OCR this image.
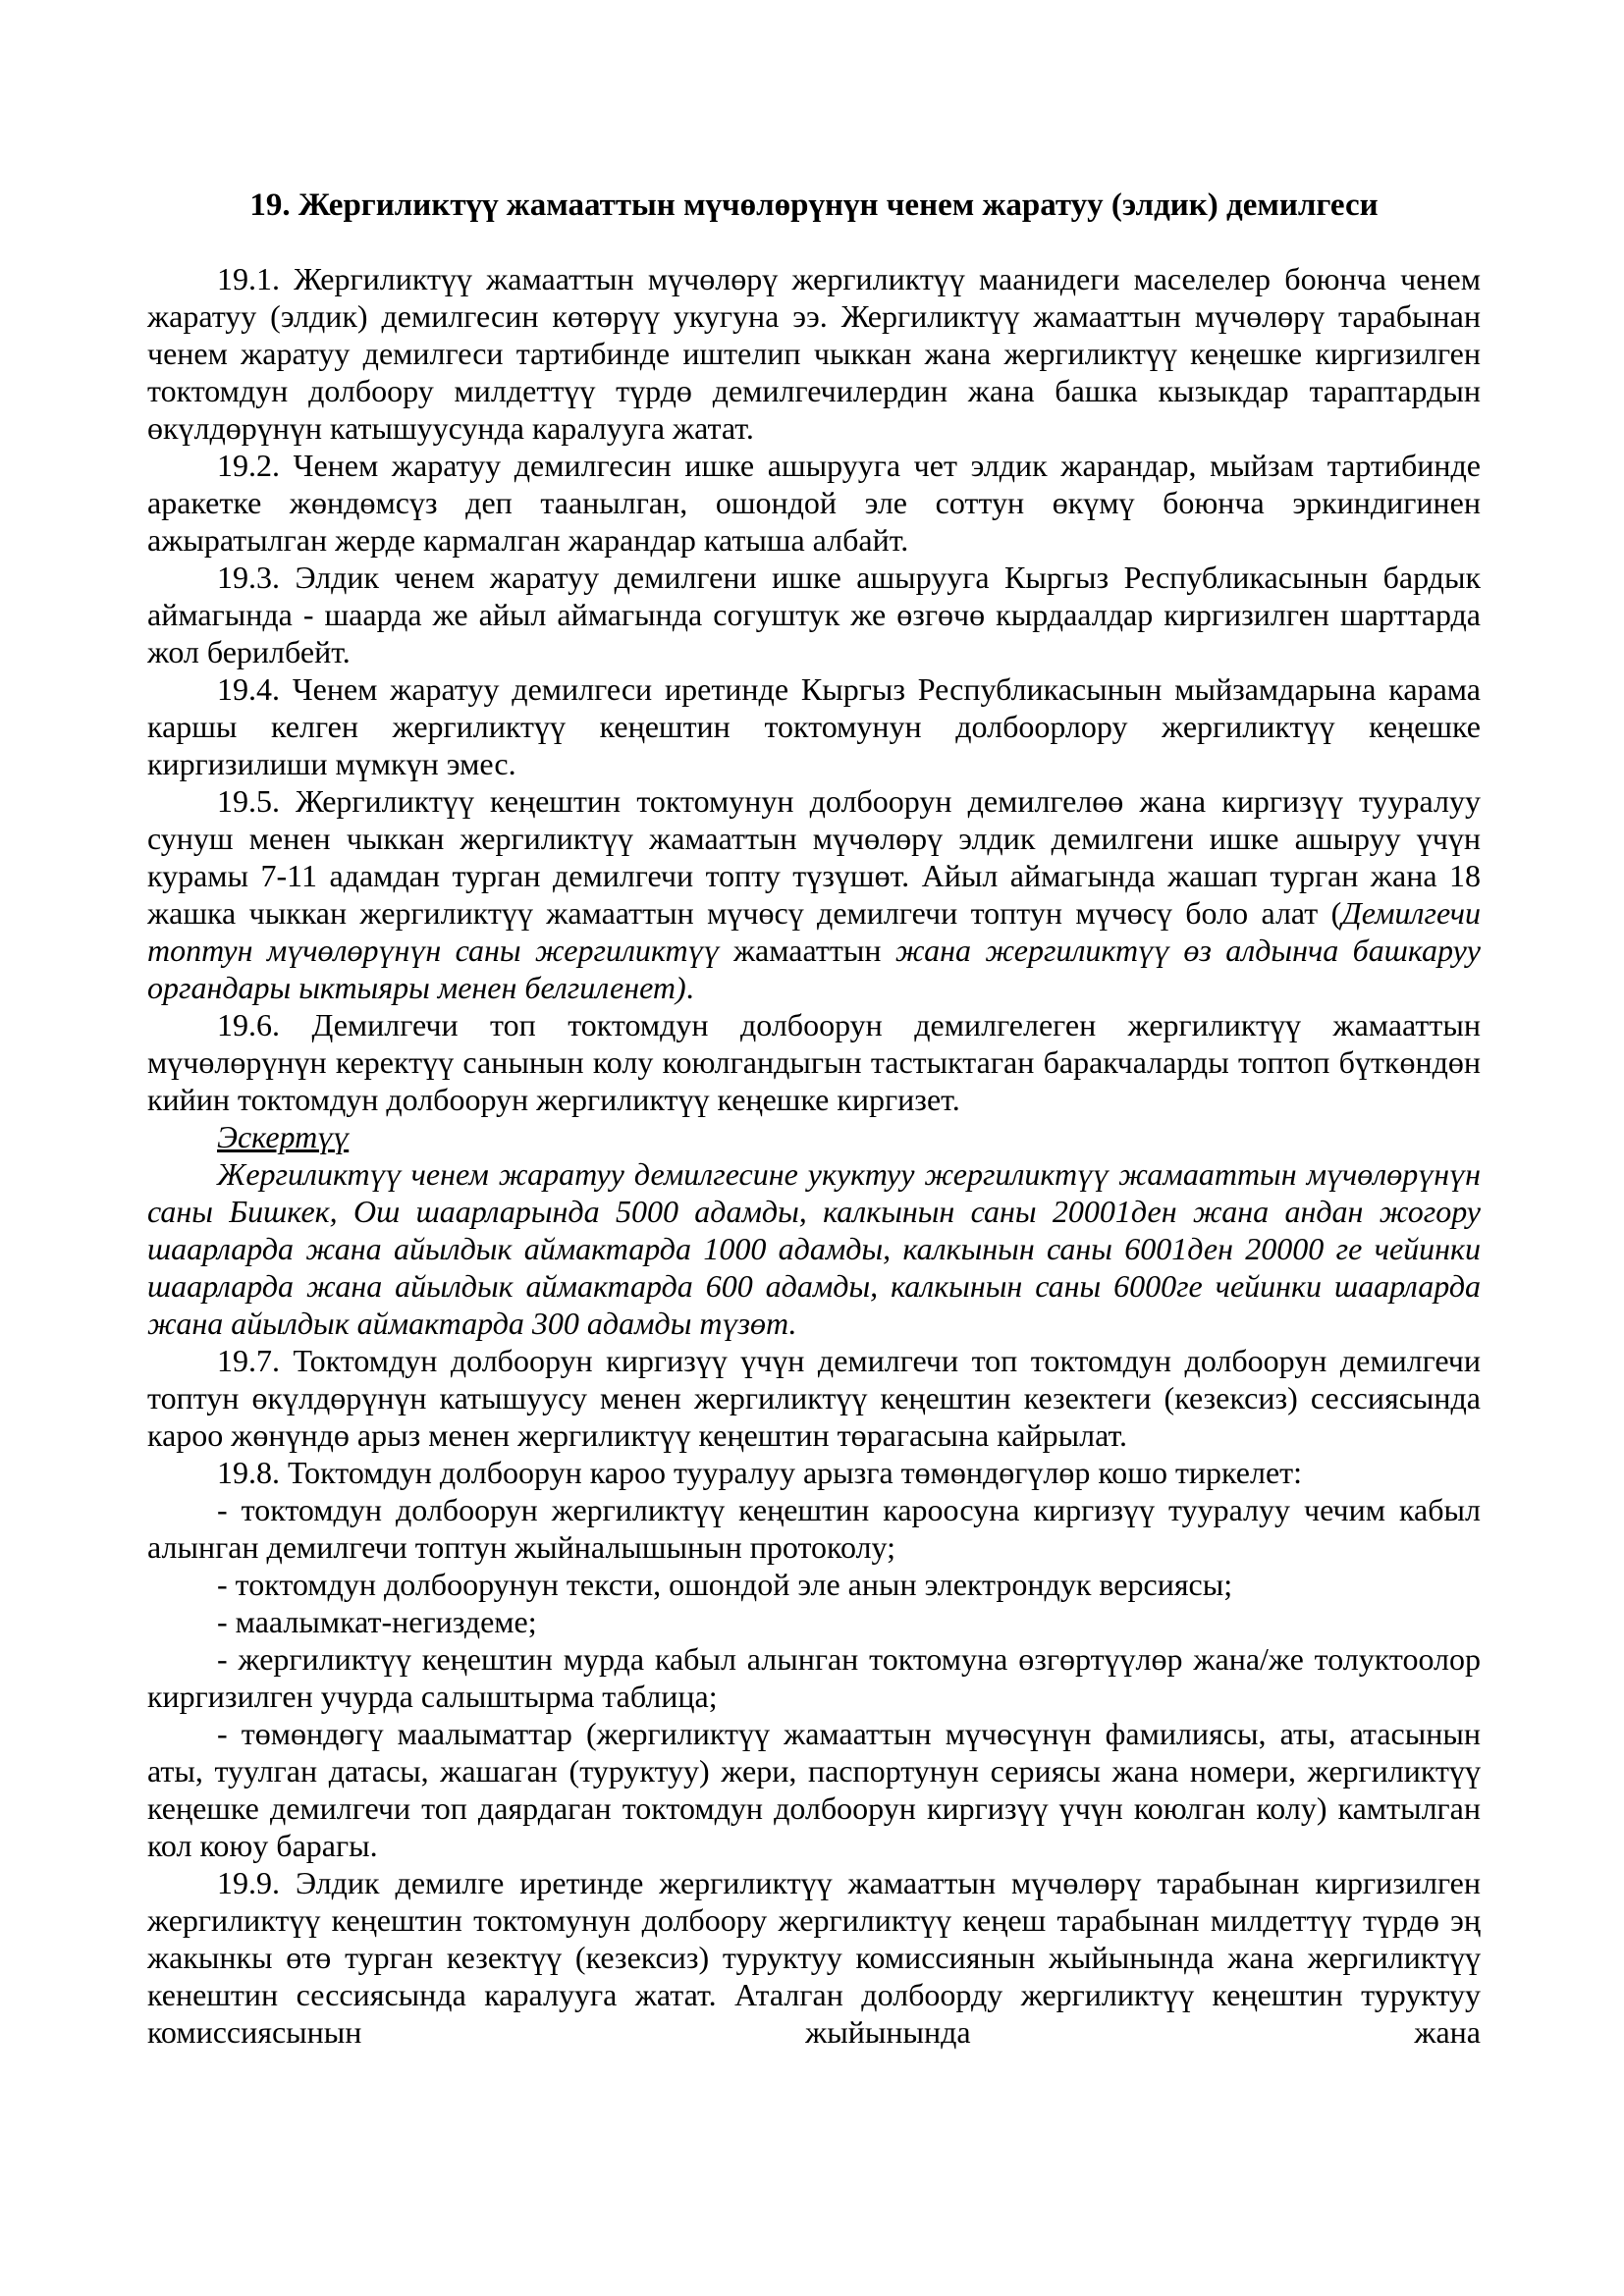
19. Жергиликтүү жамааттын мүчөлөрүнүн ченем жаратуу (элдик) демилгеси

19.1. Жергиликтүү жамааттын мүчөлөрү жергиликтүү маанидеги маселелер боюнча ченем жаратуу (элдик) демилгесин көтөрүү укугуна ээ. Жергиликтүү жамааттын мүчөлөрү тарабынан ченем жаратуу демилгеси тартибинде иштелип чыккан жана жергиликтүү кеңешке киргизилген токтомдун долбоору милдеттүү түрдө демилгечилердин жана башка кызыкдар тараптардын өкүлдөрүнүн катышуусунда каралууга жатат.

19.2. Ченем жаратуу демилгесин ишке ашырууга чет элдик жарандар, мыйзам тартибинде аракетке жөндөмсүз деп таанылган, ошондой эле соттун өкүмү боюнча эркиндигинен ажыратылган жерде кармалган жарандар катыша албайт.

19.3. Элдик ченем жаратуу демилгени ишке ашырууга Кыргыз Республикасынын бардык аймагында - шаарда же айыл аймагында согуштук же өзгөчө кырдаалдар киргизилген шарттарда жол берилбейт.

19.4. Ченем жаратуу демилгеси иретинде Кыргыз Республикасынын мыйзамдарына карама каршы келген жергиликтүү кеңештин токтомунун долбоорлору жергиликтүү кеңешке киргизилиши мүмкүн эмес.

19.5. Жергиликтүү кеңештин токтомунун долбоорун демилгелөө жана киргизүү тууралуу сунуш менен чыккан жергиликтүү жамааттын мүчөлөрү элдик демилгени ишке ашыруу үчүн курамы 7-11 адамдан турган демилгечи топту түзүшөт. Айыл аймагында жашап турган жана 18 жашка чыккан жергиликтүү жамааттын мүчөсү демилгечи топтун мүчөсү боло алат (Демилгечи топтун мүчөлөрүнүн саны жергиликтүү жамааттын жана жергиликтүү өз алдынча башкаруу органдары ыктыяры менен белгиленет).

19.6. Демилгечи топ токтомдун долбоорун демилгелеген жергиликтүү жамааттын мүчөлөрүнүн керектүү санынын колу коюлгандыгын тастыктаган баракчаларды топтоп бүткөндөн кийин токтомдун долбоорун жергиликтүү кеңешке киргизет.

Эскертүү

Жергиликтүү ченем жаратуу демилгесине укуктуу жергиликтүү жамааттын мүчөлөрүнүн саны Бишкек, Ош шаарларында 5000 адамды, калкынын саны 20001ден жана андан жогору шаарларда жана айылдык аймактарда 1000 адамды, калкынын саны 6001ден 20000 ге чейинки шаарларда жана айылдык аймактарда 600 адамды, калкынын саны 6000ге чейинки шаарларда жана айылдык аймактарда 300 адамды түзөт.

19.7. Токтомдун долбоорун киргизүү үчүн демилгечи топ токтомдун долбоорун демилгечи топтун өкүлдөрүнүн катышуусу менен жергиликтүү кеңештин кезектеги (кезексиз) сессиясында кароо жөнүндө арыз менен жергиликтүү кеңештин төрагасына кайрылат.

19.8. Токтомдун долбоорун кароо тууралуу арызга төмөндөгүлөр кошо тиркелет:

- токтомдун долбоорун жергиликтүү кеңештин кароосуна киргизүү тууралуу чечим кабыл алынган демилгечи топтун жыйналышынын протоколу;

- токтомдун долбоорунун тексти, ошондой эле анын электрондук версиясы;

- маалымкат-негиздеме;

- жергиликтүү кеңештин мурда кабыл алынган токтомуна өзгөртүүлөр жана/же толуктоолор киргизилген учурда салыштырма таблица;

- төмөндөгү маалыматтар (жергиликтүү жамааттын мүчөсүнүн фамилиясы, аты, атасынын аты, туулган датасы, жашаган (туруктуу) жери, паспортунун сериясы жана номери, жергиликтүү кеңешке демилгечи топ даярдаган токтомдун долбоорун киргизүү үчүн коюлган колу) камтылган кол коюу барагы.

19.9. Элдик демилге иретинде жергиликтүү жамааттын мүчөлөрү тарабынан киргизилген жергиликтүү кеңештин токтомунун долбоору жергиликтүү кеңеш тарабынан милдеттүү түрдө эң жакынкы өтө турган кезектүү (кезексиз) туруктуу комиссиянын жыйынында жана жергиликтүү кенештин сессиясында каралууга жатат. Аталган долбоорду жергиликтүү кеңештин туруктуу комиссиясынын жыйынында жана
